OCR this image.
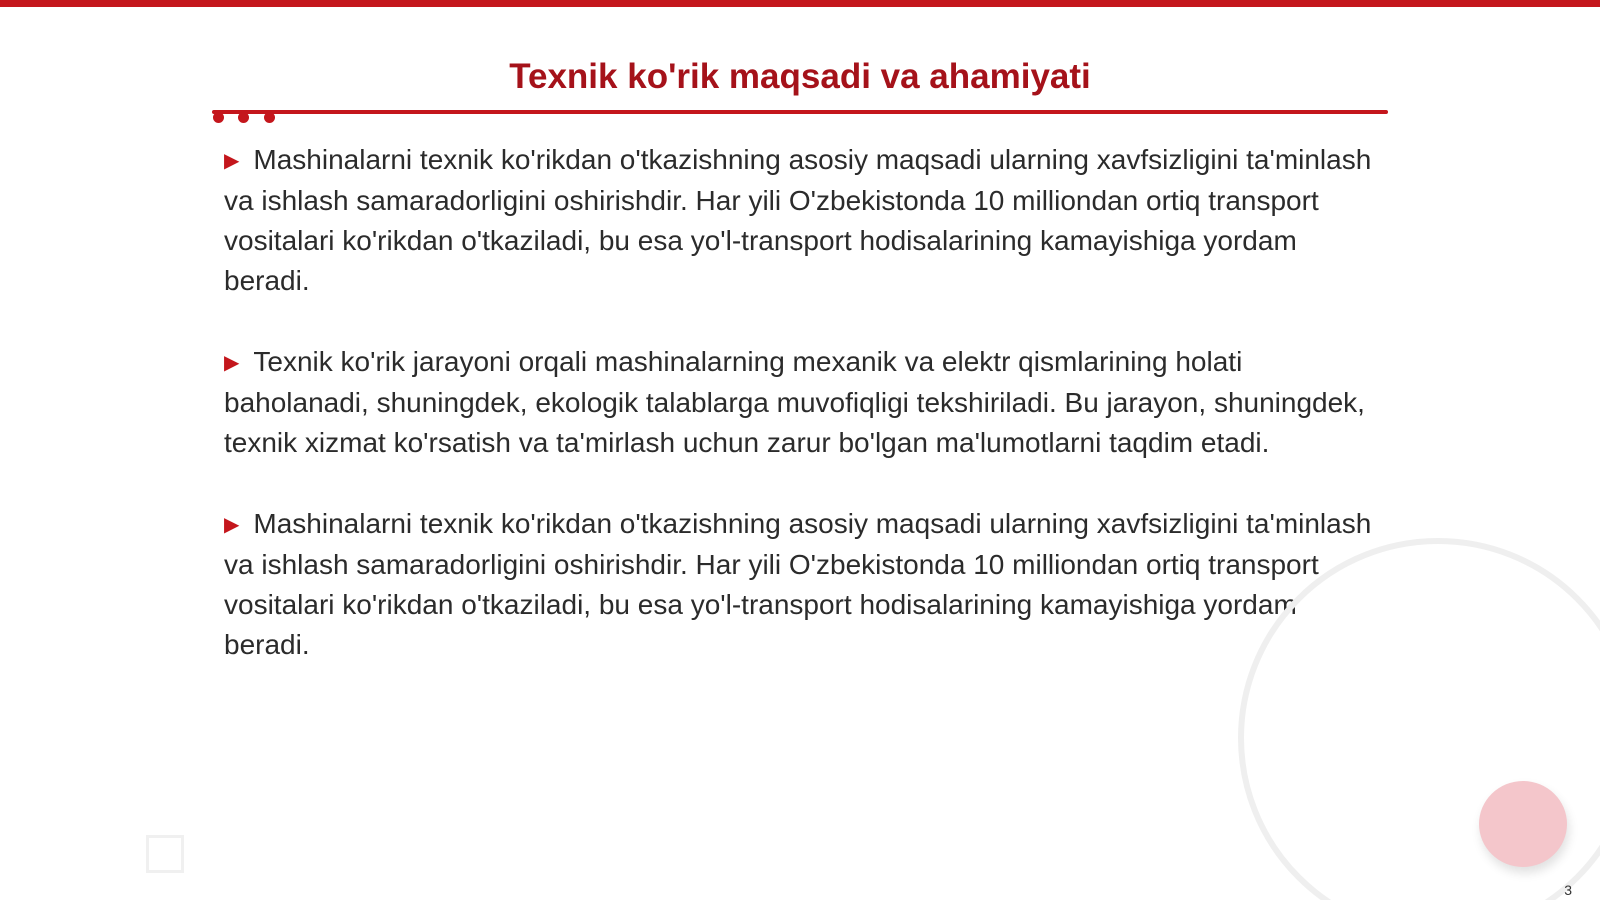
Texnik ko'rik maqsadi va ahamiyati

▶ Mashinalarni texnik ko'rikdan o'tkazishning asosiy maqsadi ularning xavfsizligini ta'minlash va ishlash samaradorligini oshirishdir. Har yili O'zbekistonda 10 milliondan ortiq transport vositalari ko'rikdan o'tkaziladi, bu esa yo'l-transport hodisalarining kamayishiga yordam beradi.

▶ Texnik ko'rik jarayoni orqali mashinalarning mexanik va elektr qismlarining holati baholanadi, shuningdek, ekologik talablarga muvofiqligi tekshiriladi. Bu jarayon, shuningdek, texnik xizmat ko'rsatish va ta'mirlash uchun zarur bo'lgan ma'lumotlarni taqdim etadi.

▶ Mashinalarni texnik ko'rikdan o'tkazishning asosiy maqsadi ularning xavfsizligini ta'minlash va ishlash samaradorligini oshirishdir. Har yili O'zbekistonda 10 milliondan ortiq transport vositalari ko'rikdan o'tkaziladi, bu esa yo'l-transport hodisalarining kamayishiga yordam beradi.

3
